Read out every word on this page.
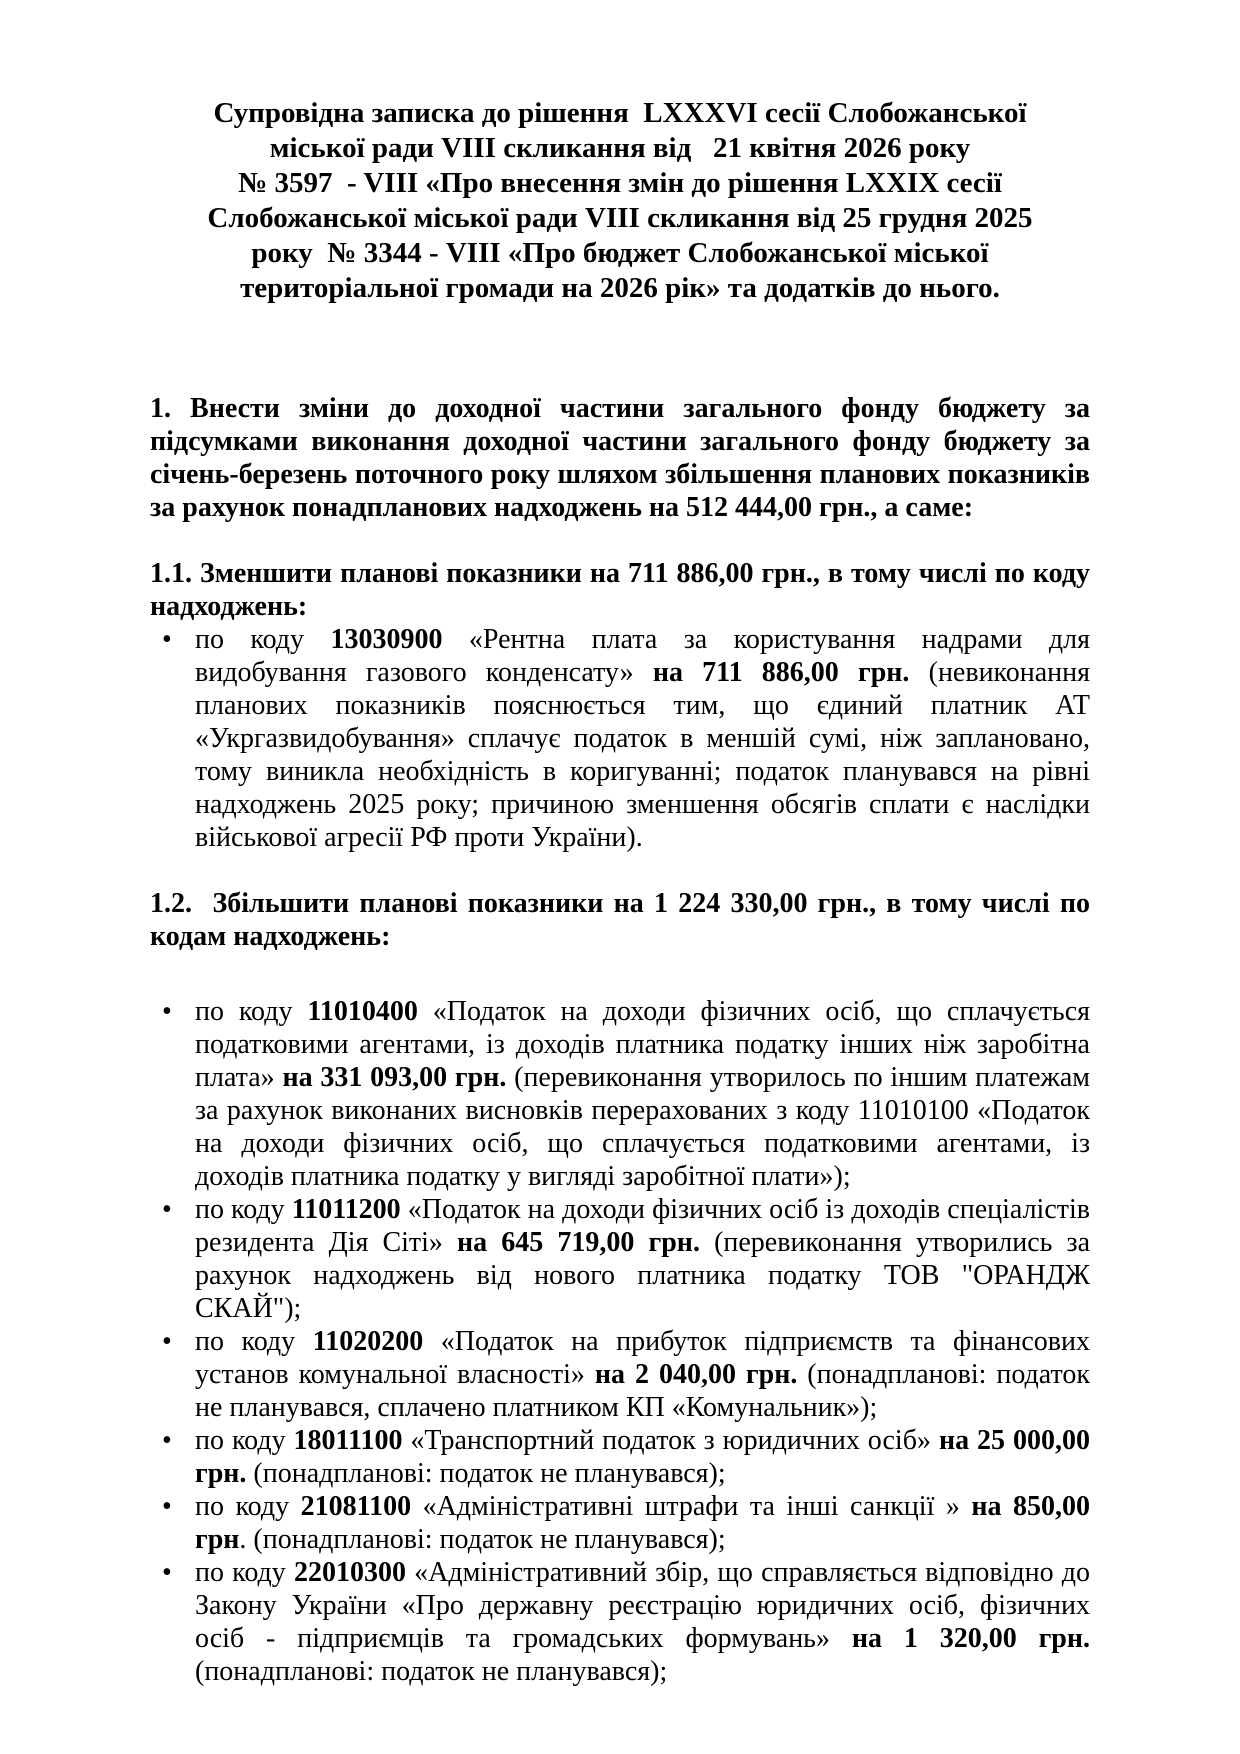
Супровідна записка до рішення  LXXXVI сесії Слобожанської
міської ради VIII скликання від   21 квітня 2026 року
№ 3597  - VIII «Про внесення змін до рішення LXXIX сесії
Слобожанської міської ради VIII скликання від 25 грудня 2025
року  № 3344 - VIII «Про бюджет Слобожанської міської
територіальної громади на 2026 рік» та додатків до нього.

1. Внести зміни до доходної частини загального фонду бюджету за підсумками виконання доходної частини загального фонду бюджету за січень-березень поточного року шляхом збільшення планових показників за рахунок понадпланових надходжень на 512 444,00 грн., а саме:

1.1. Зменшити планові показники на 711 886,00 грн., в тому числі по коду надходжень:

• по коду 13030900 «Рентна плата за користування надрами для видобування газового конденсату» на 711 886,00 грн. (невиконання планових показників пояснюється тим, що єдиний платник АТ «Укргазвидобування» сплачує податок в меншій сумі, ніж заплановано, тому виникла необхідність в коригуванні; податок планувався на рівні надходжень 2025 року; причиною зменшення обсягів сплати є наслідки військової агресії РФ проти України).

1.2.  Збільшити планові показники на 1 224 330,00 грн., в тому числі по кодам надходжень:

• по коду 11010400 «Податок на доходи фізичних осіб, що сплачується податковими агентами, із доходів платника податку інших ніж заробітна плата» на 331 093,00 грн. (перевиконання утворилось по іншим платежам за рахунок виконаних висновків перерахованих з коду 11010100 «Податок на доходи фізичних осіб, що сплачується податковими агентами, із доходів платника податку у вигляді заробітної плати»);
• по коду 11011200 «Податок на доходи фізичних осіб із доходів спеціалістів резидента Дія Сіті» на 645 719,00 грн. (перевиконання утворились за рахунок надходжень від нового платника податку ТОВ "ОРАНДЖ СКАЙ");
• по коду 11020200 «Податок на прибуток підприємств та фінансових установ комунальної власності» на 2 040,00 грн. (понадпланові: податок не планувався, сплачено платником КП «Комунальник»);
• по коду 18011100 «Транспортний податок з юридичних осіб» на 25 000,00 грн. (понадпланові: податок не планувався);
• по коду 21081100 «Адміністративні штрафи та інші санкції » на 850,00 грн. (понадпланові: податок не планувався);
• по коду 22010300 «Адміністративний збір, що справляється відповідно до Закону України «Про державну реєстрацію юридичних осіб, фізичних осіб - підприємців та громадських формувань» на 1 320,00 грн. (понадпланові: податок не планувався);
